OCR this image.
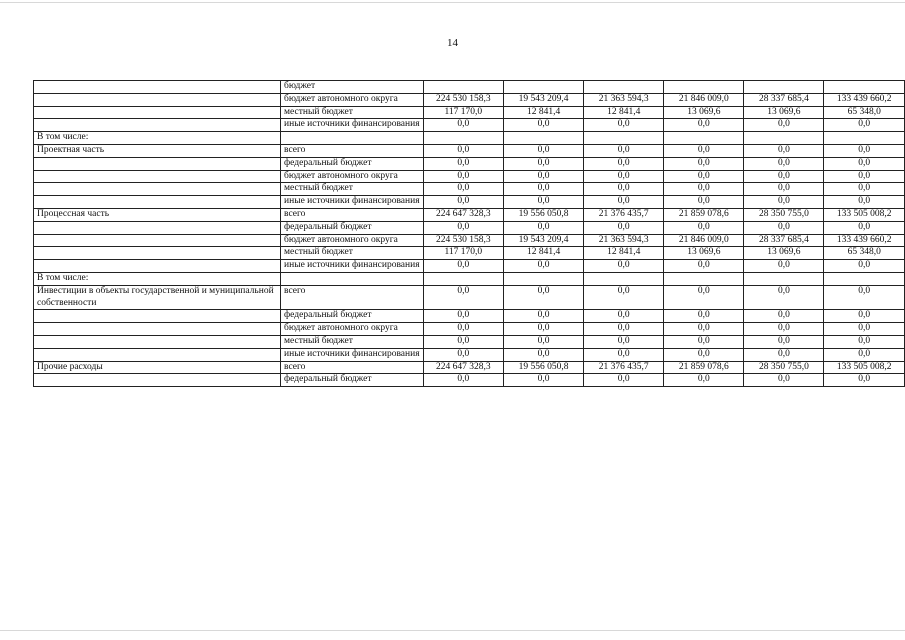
14
	бюджет						
	бюджет автономного округа	224 530 158,3	19 543 209,4	21 363 594,3	21 846 009,0	28 337 685,4	133 439 660,2
	местный бюджет	117 170,0	12 841,4	12 841,4	13 069,6	13 069,6	65 348,0
	иные источники финансирования	0,0	0,0	0,0	0,0	0,0	0,0
В том числе:							
Проектная часть	всего	0,0	0,0	0,0	0,0	0,0	0,0
	федеральный бюджет	0,0	0,0	0,0	0,0	0,0	0,0
	бюджет автономного округа	0,0	0,0	0,0	0,0	0,0	0,0
	местный бюджет	0,0	0,0	0,0	0,0	0,0	0,0
	иные источники финансирования	0,0	0,0	0,0	0,0	0,0	0,0
Процессная часть	всего	224 647 328,3	19 556 050,8	21 376 435,7	21 859 078,6	28 350 755,0	133 505 008,2
	федеральный бюджет	0,0	0,0	0,0	0,0	0,0	0,0
	бюджет автономного округа	224 530 158,3	19 543 209,4	21 363 594,3	21 846 009,0	28 337 685,4	133 439 660,2
	местный бюджет	117 170,0	12 841,4	12 841,4	13 069,6	13 069,6	65 348,0
	иные источники финансирования	0,0	0,0	0,0	0,0	0,0	0,0
В том числе:							
Инвестиции в объекты государственной и муниципальной собственности	всего	0,0	0,0	0,0	0,0	0,0	0,0
	федеральный бюджет	0,0	0,0	0,0	0,0	0,0	0,0
	бюджет автономного округа	0,0	0,0	0,0	0,0	0,0	0,0
	местный бюджет	0,0	0,0	0,0	0,0	0,0	0,0
	иные источники финансирования	0,0	0,0	0,0	0,0	0,0	0,0
Прочие расходы	всего	224 647 328,3	19 556 050,8	21 376 435,7	21 859 078,6	28 350 755,0	133 505 008,2
	федеральный бюджет	0,0	0,0	0,0	0,0	0,0	0,0
